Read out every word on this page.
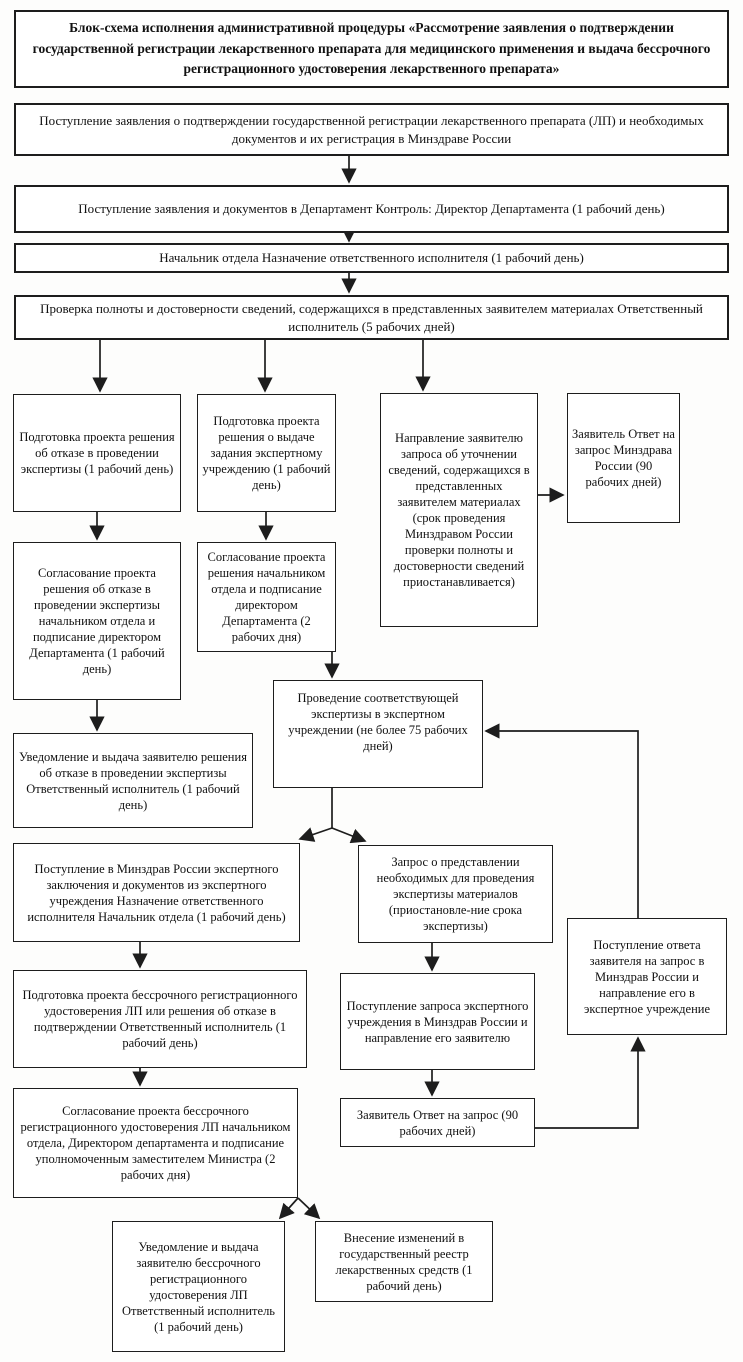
Блок-схема исполнения административной процедуры «Рассмотрение заявления о подтверждении государственной регистрации лекарственного препарата для медицинского применения и выдача бессрочного регистрационного удостоверения лекарственного препарата»
Поступление заявления о подтверждении государственной регистрации лекарственного препарата (ЛП) и необходимых документов и их регистрация в Минздраве России
Поступление заявления и документов в Департамент Контроль: Директор Департамента (1 рабочий день)
Начальник отдела Назначение ответственного исполнителя (1 рабочий день)
Проверка полноты и достоверности сведений, содержащихся в представленных заявителем материалах Ответственный исполнитель (5 рабочих дней)
Подготовка проекта решения об отказе в проведении экспертизы (1 рабочий день)
Подготовка проекта решения о выдаче задания экспертному учреждению (1 рабочий день)
Направление заявителю запроса об уточнении сведений, содержащихся в представленных заявителем материалах (срок проведения Минздравом России проверки полноты и достоверности сведений приостанавливается)
Заявитель Ответ на запрос Минздрава России (90 рабочих дней)
Согласование проекта решения об отказе в проведении экспертизы начальником отдела и подписание директором Департамента (1 рабочий день)
Согласование проекта решения начальником отдела и подписание директором Департамента (2 рабочих дня)
Уведомление и выдача заявителю решения об отказе в проведении экспертизы Ответственный исполнитель (1 рабочий день)
Проведение соответствующей экспертизы в экспертном учреждении (не более 75 рабочих дней)
Поступление в Минздрав России экспертного заключения и документов из экспертного учреждения Назначение ответственного исполнителя Начальник отдела (1 рабочий день)
Запрос о представлении необходимых для проведения экспертизы материалов (приостановле-ние срока экспертизы)
Подготовка проекта бессрочного регистрационного удостоверения ЛП или решения об отказе в подтверждении Ответственный исполнитель (1 рабочий день)
Поступление запроса экспертного учреждения в Минздрав России и направление его заявителю
Заявитель Ответ на запрос (90 рабочих дней)
Поступление ответа заявителя на запрос в Минздрав России и направление его в экспертное учреждение
Согласование проекта бессрочного регистрационного удостоверения ЛП начальником отдела, Директором департамента и подписание уполномоченным заместителем Министра (2 рабочих дня)
Уведомление и выдача заявителю бессрочного регистрационного удостоверения ЛП Ответственный исполнитель (1 рабочий день)
Внесение изменений в государственный реестр лекарственных средств (1 рабочий день)
